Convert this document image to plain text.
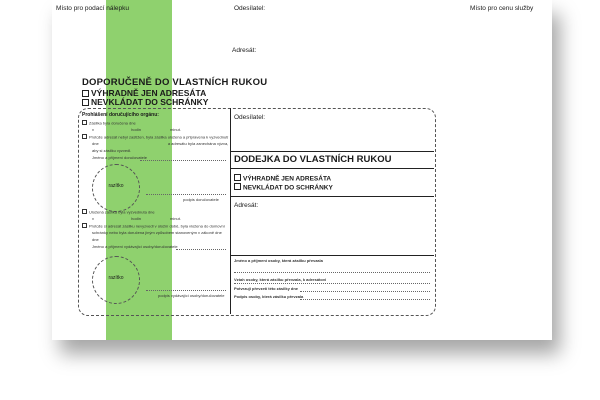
Místo pro podací nálepku	Odesílatel:	Místo pro cenu služby
Adresát:
DOPORUČENĚ DO VLASTNÍCH RUKOU
VÝHRADNĚ JEN ADRESÁTA
NEVKLÁDAT DO SCHRÁNKY
Prohlášení doručujícího orgánu:
Zásilka byla doručena dne
v	hodin	minut.
Protože adresát nebyl zastižen, byla zásilka uložena a připravena k vyzvednutí
dne	a adresátu byla zanechána výzva,
aby si zásilku vyzvedl.
Jméno a příjmení doručovatele
razítko
podpis doručovatele
Uložená zásilka byla vyzvednuta dne
v	hodin	minut.
Protože si adresát zásilku nevyzvedl v úložní době, byla vložena do domovní
schránky nebo byla doručena jiným způsobem stanoveným v zákoně dne
dne
Jméno a příjmení vydávající osoby/doručovatele
razítko
podpis vydávající osoby/doručovatele
Odesílatel:
DODEJKA DO VLASTNÍCH RUKOU
VÝHRADNĚ JEN ADRESÁTA
NEVKLÁDAT DO SCHRÁNKY
Adresát:
Jméno a příjmení osoby, která zásilku převzala
Vztah osoby, která zásilku převzala, k adresátovi
Potvrzuji převzetí této zásilky dne
Podpis osoby, která zásilku převzala
